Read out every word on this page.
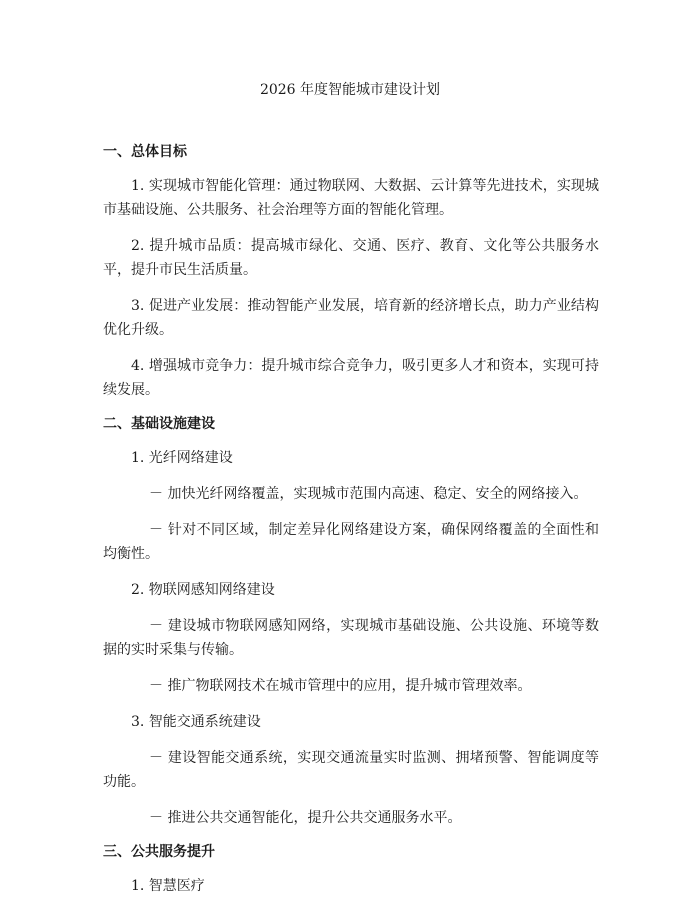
2026 年度智能城市建设计划
一、总体目标
1. 实现城市智能化管理：通过物联网、大数据、云计算等先进技术，实现城市基础设施、公共服务、社会治理等方面的智能化管理。
2. 提升城市品质：提高城市绿化、交通、医疗、教育、文化等公共服务水平，提升市民生活质量。
3. 促进产业发展：推动智能产业发展，培育新的经济增长点，助力产业结构优化升级。
4. 增强城市竞争力：提升城市综合竞争力，吸引更多人才和资本，实现可持续发展。
二、基础设施建设
1. 光纤网络建设
－ 加快光纤网络覆盖，实现城市范围内高速、稳定、安全的网络接入。
－ 针对不同区域，制定差异化网络建设方案，确保网络覆盖的全面性和均衡性。
2. 物联网感知网络建设
－ 建设城市物联网感知网络，实现城市基础设施、公共设施、环境等数据的实时采集与传输。
－ 推广物联网技术在城市管理中的应用，提升城市管理效率。
3. 智能交通系统建设
－ 建设智能交通系统，实现交通流量实时监测、拥堵预警、智能调度等功能。
－ 推进公共交通智能化，提升公共交通服务水平。
三、公共服务提升
1. 智慧医疗
